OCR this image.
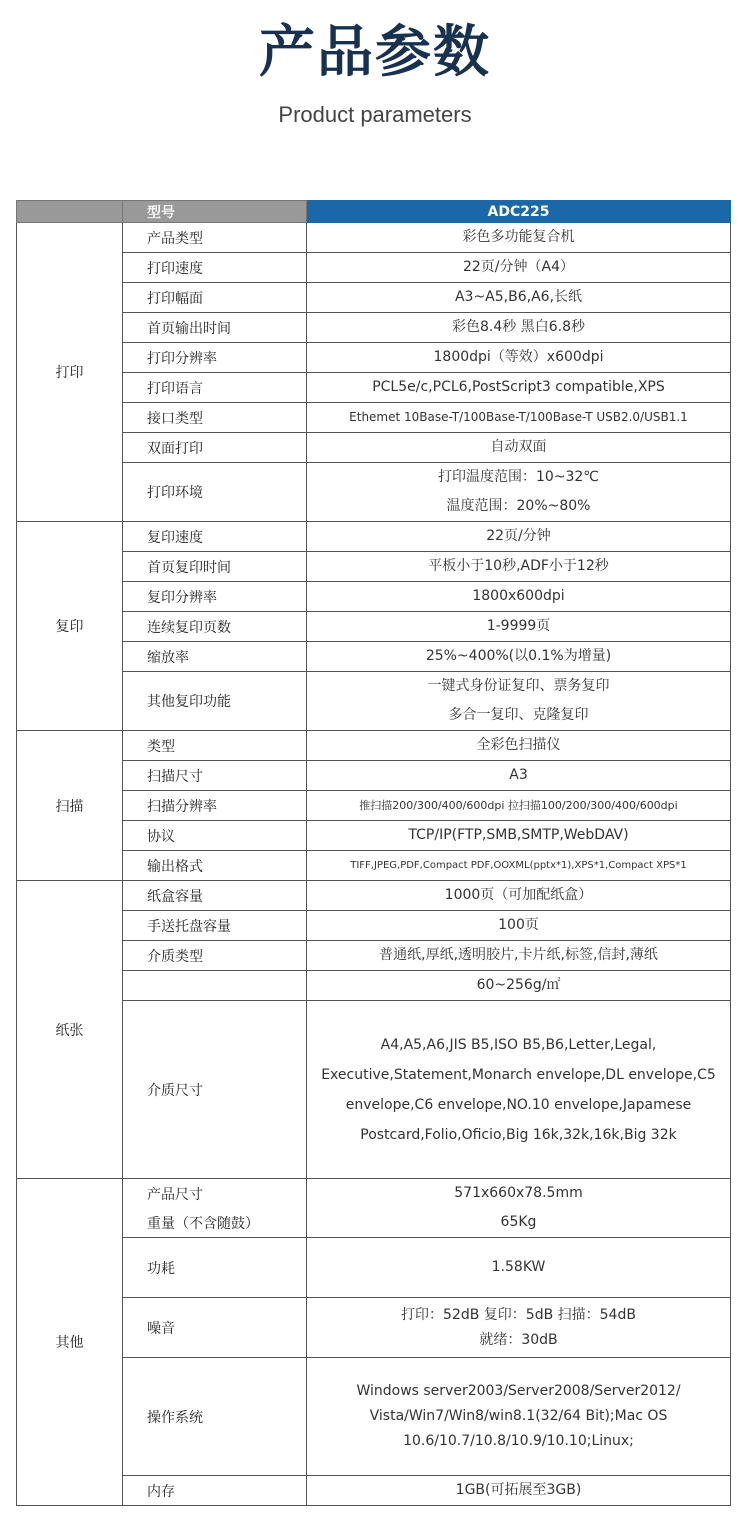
产品参数
Product parameters
	型号	ADC225
打印	产品类型	彩色多功能复合机
	打印速度	22页/分钟（A4）
	打印幅面	A3~A5,B6,A6,长纸
	首页输出时间	彩色8.4秒 黑白6.8秒
	打印分辨率	1800dpi（等效）x600dpi
	打印语言	PCL5e/c,PCL6,PostScript3 compatible,XPS
	接口类型	Ethemet 10Base-T/100Base-T/100Base-T USB2.0/USB1.1
	双面打印	自动双面
	打印环境	打印温度范围：10~32℃
温度范围：20%~80%

复印	复印速度	22页/分钟
	首页复印时间	平板小于10秒,ADF小于12秒
	复印分辨率	1800x600dpi
	连续复印页数	1-9999页
	缩放率	25%~400%(以0.1%为增量)
	其他复印功能	一键式身份证复印、票务复印
多合一复印、克隆复印

扫描	类型	全彩色扫描仪
	扫描尺寸	A3
	扫描分辨率	推扫描200/300/400/600dpi 拉扫描100/200/300/400/600dpi
	协议	TCP/IP(FTP,SMB,SMTP,WebDAV)
	输出格式	TIFF,JPEG,PDF,Compact PDF,OOXML(pptx*1),XPS*1,Compact XPS*1
纸张	纸盒容量	1000页（可加配纸盒）
	手送托盘容量	100页
	介质类型	普通纸,厚纸,透明胶片,卡片纸,标签,信封,薄纸
		60~256g/㎡
	介质尺寸	A4,A5,A6,JIS B5,ISO B5,B6,Letter,Legal, Executive,Statement,Monarch envelope,DL envelope,C5 envelope,C6 envelope,NO.10 envelope,Japamese Postcard,Folio,Oficio,Big 16k,32k,16k,Big 32k
其他	产品尺寸	571x660x78.5mm
	重量（不含随鼓）	65Kg
	功耗	1.58KW
	噪音	打印：52dB 复印：5dB 扫描：54dB
就绪：30dB

	操作系统	Windows server2003/Server2008/Server2012/ Vista/Win7/Win8/win8.1(32/64 Bit);Mac OS 10.6/10.7/10.8/10.9/10.10;Linux;
	内存	1GB(可拓展至3GB)
